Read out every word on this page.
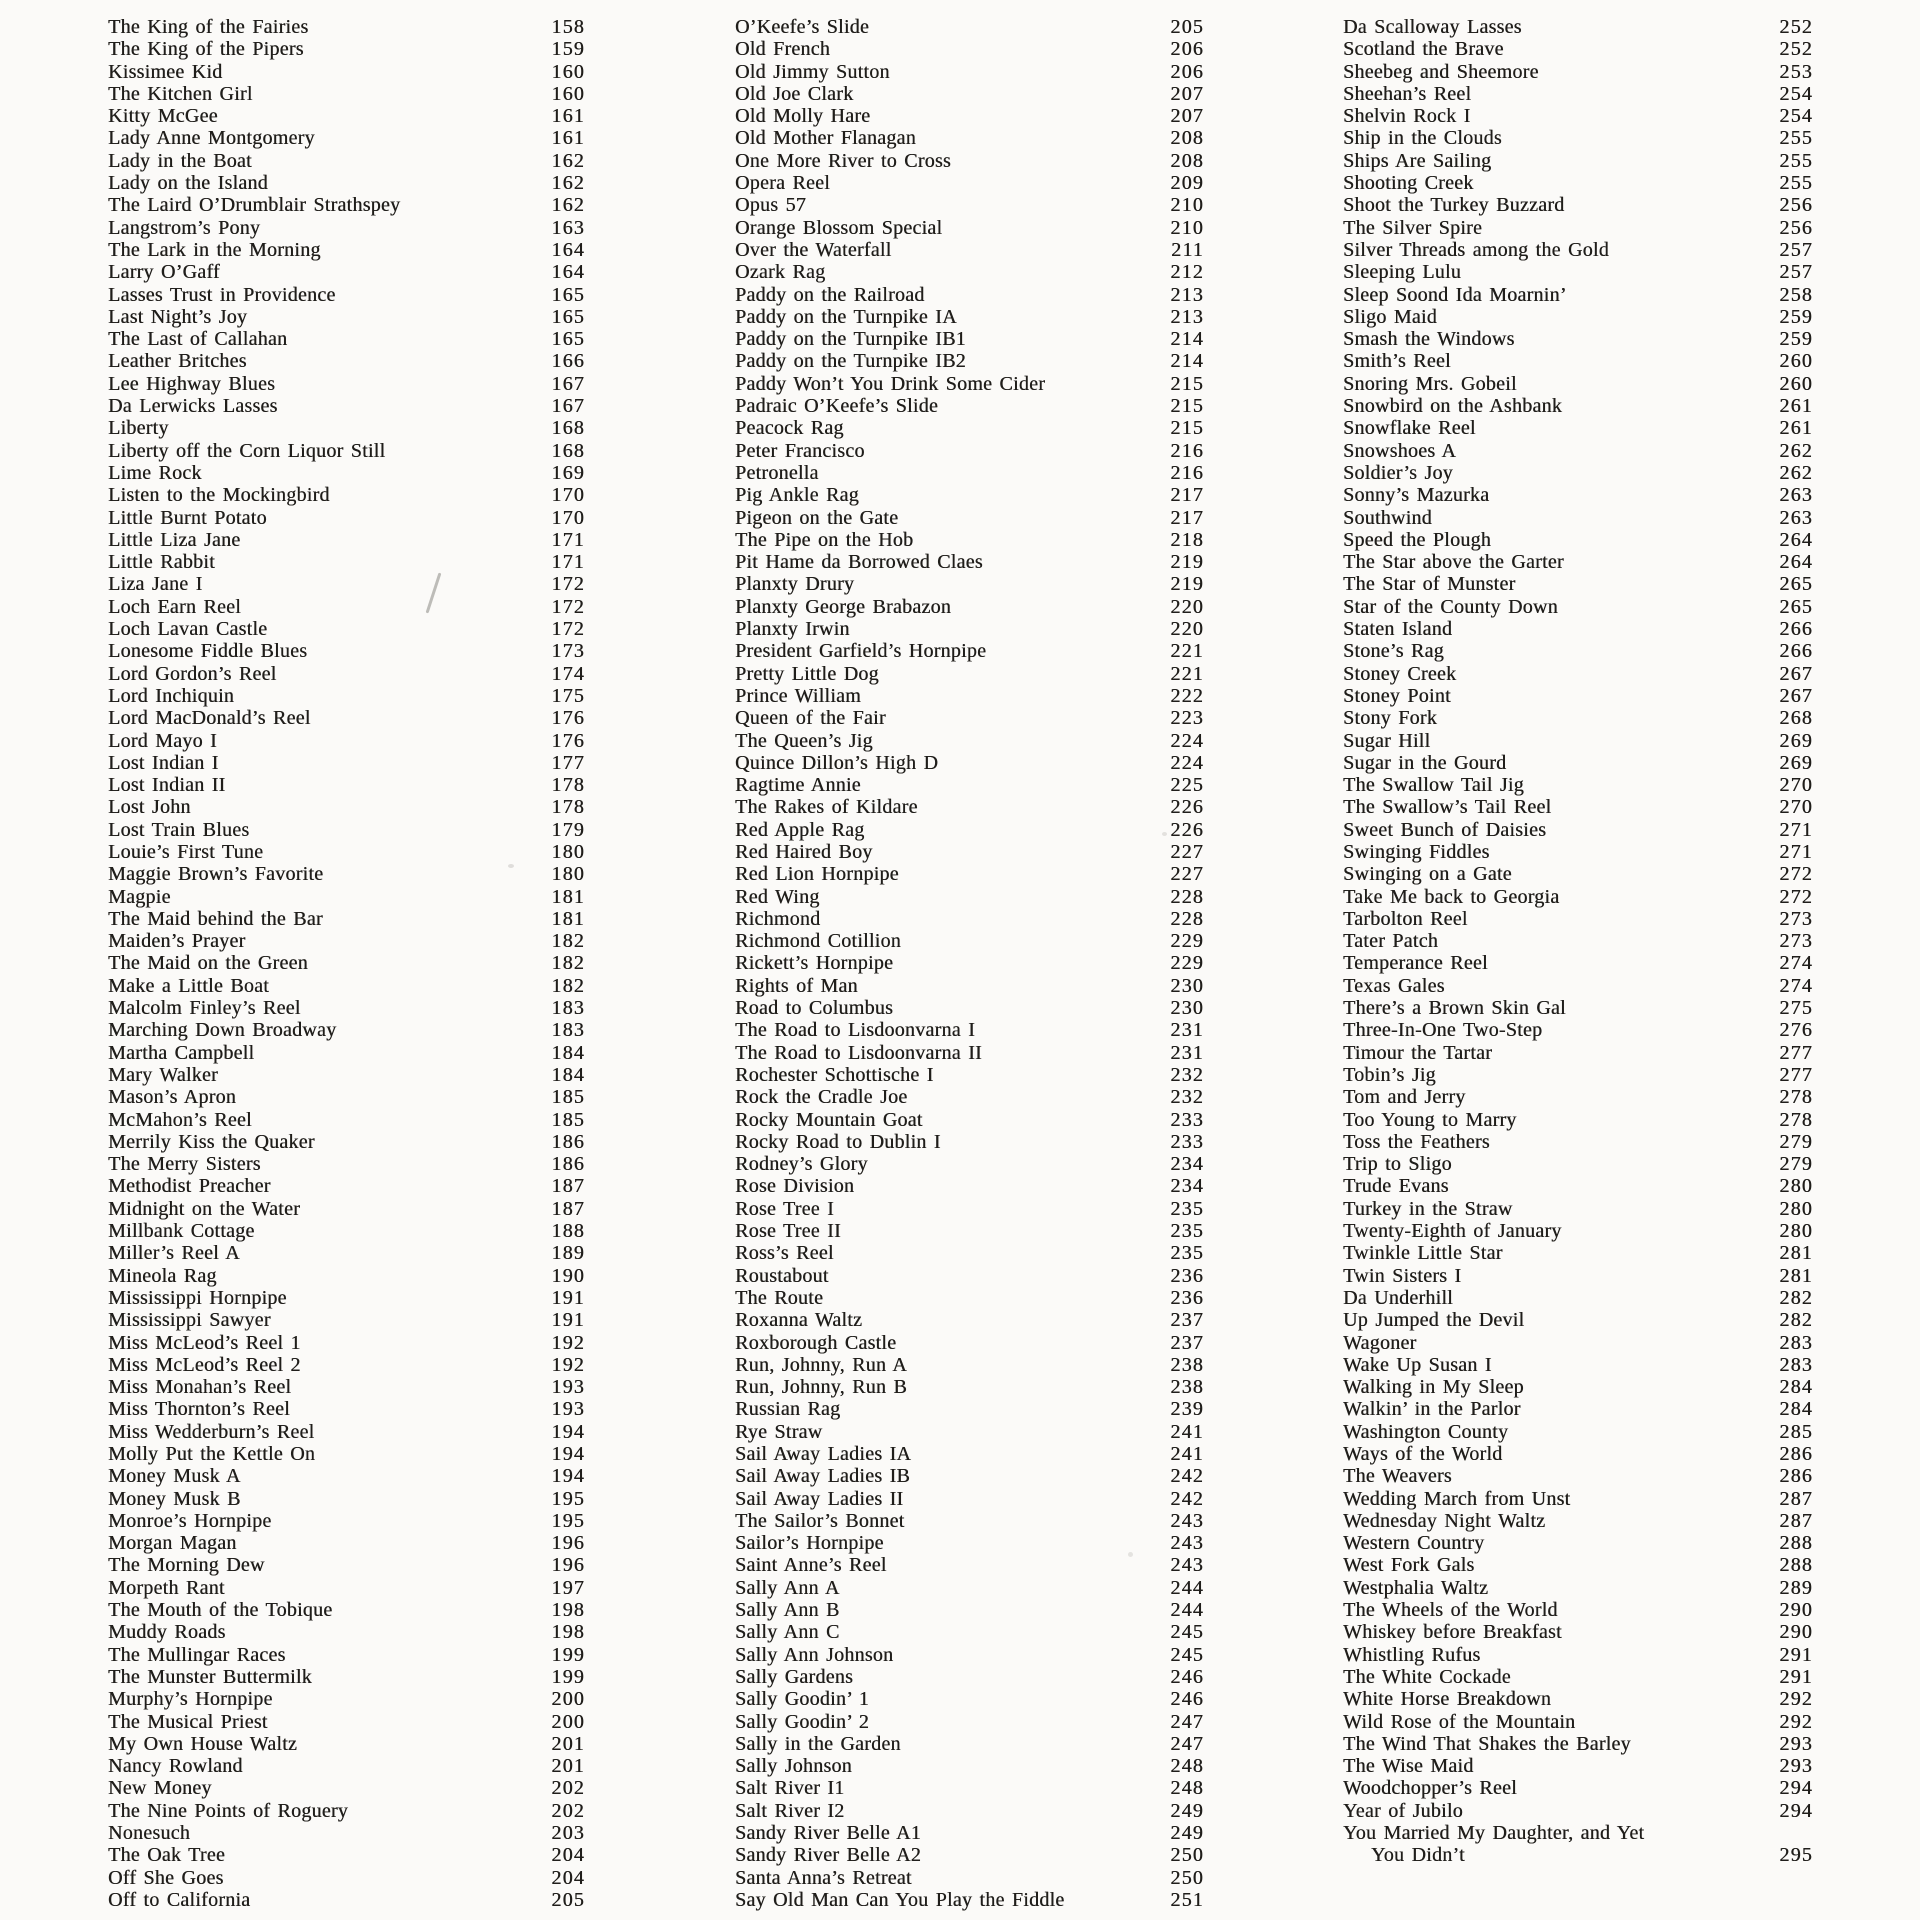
The King of the Fairies	158
The King of the Pipers	159
Kissimee Kid	160
The Kitchen Girl	160
Kitty McGee	161
Lady Anne Montgomery	161
Lady in the Boat	162
Lady on the Island	162
The Laird O’Drumblair Strathspey	162
Langstrom’s Pony	163
The Lark in the Morning	164
Larry O’Gaff	164
Lasses Trust in Providence	165
Last Night’s Joy	165
The Last of Callahan	165
Leather Britches	166
Lee Highway Blues	167
Da Lerwicks Lasses	167
Liberty	168
Liberty off the Corn Liquor Still	168
Lime Rock	169
Listen to the Mockingbird	170
Little Burnt Potato	170
Little Liza Jane	171
Little Rabbit	171
Liza Jane I	172
Loch Earn Reel	172
Loch Lavan Castle	172
Lonesome Fiddle Blues	173
Lord Gordon’s Reel	174
Lord Inchiquin	175
Lord MacDonald’s Reel	176
Lord Mayo I	176
Lost Indian I	177
Lost Indian II	178
Lost John	178
Lost Train Blues	179
Louie’s First Tune	180
Maggie Brown’s Favorite	180
Magpie	181
The Maid behind the Bar	181
Maiden’s Prayer	182
The Maid on the Green	182
Make a Little Boat	182
Malcolm Finley’s Reel	183
Marching Down Broadway	183
Martha Campbell	184
Mary Walker	184
Mason’s Apron	185
McMahon’s Reel	185
Merrily Kiss the Quaker	186
The Merry Sisters	186
Methodist Preacher	187
Midnight on the Water	187
Millbank Cottage	188
Miller’s Reel A	189
Mineola Rag	190
Mississippi Hornpipe	191
Mississippi Sawyer	191
Miss McLeod’s Reel 1	192
Miss McLeod’s Reel 2	192
Miss Monahan’s Reel	193
Miss Thornton’s Reel	193
Miss Wedderburn’s Reel	194
Molly Put the Kettle On	194
Money Musk A	194
Money Musk B	195
Monroe’s Hornpipe	195
Morgan Magan	196
The Morning Dew	196
Morpeth Rant	197
The Mouth of the Tobique	198
Muddy Roads	198
The Mullingar Races	199
The Munster Buttermilk	199
Murphy’s Hornpipe	200
The Musical Priest	200
My Own House Waltz	201
Nancy Rowland	201
New Money	202
The Nine Points of Roguery	202
Nonesuch	203
The Oak Tree	204
Off She Goes	204
Off to California	205
O’Keefe’s Slide	205
Old French	206
Old Jimmy Sutton	206
Old Joe Clark	207
Old Molly Hare	207
Old Mother Flanagan	208
One More River to Cross	208
Opera Reel	209
Opus 57	210
Orange Blossom Special	210
Over the Waterfall	211
Ozark Rag	212
Paddy on the Railroad	213
Paddy on the Turnpike IA	213
Paddy on the Turnpike IB1	214
Paddy on the Turnpike IB2	214
Paddy Won’t You Drink Some Cider	215
Padraic O’Keefe’s Slide	215
Peacock Rag	215
Peter Francisco	216
Petronella	216
Pig Ankle Rag	217
Pigeon on the Gate	217
The Pipe on the Hob	218
Pit Hame da Borrowed Claes	219
Planxty Drury	219
Planxty George Brabazon	220
Planxty Irwin	220
President Garfield’s Hornpipe	221
Pretty Little Dog	221
Prince William	222
Queen of the Fair	223
The Queen’s Jig	224
Quince Dillon’s High D	224
Ragtime Annie	225
The Rakes of Kildare	226
Red Apple Rag	226
Red Haired Boy	227
Red Lion Hornpipe	227
Red Wing	228
Richmond	228
Richmond Cotillion	229
Rickett’s Hornpipe	229
Rights of Man	230
Road to Columbus	230
The Road to Lisdoonvarna I	231
The Road to Lisdoonvarna II	231
Rochester Schottische I	232
Rock the Cradle Joe	232
Rocky Mountain Goat	233
Rocky Road to Dublin I	233
Rodney’s Glory	234
Rose Division	234
Rose Tree I	235
Rose Tree II	235
Ross’s Reel	235
Roustabout	236
The Route	236
Roxanna Waltz	237
Roxborough Castle	237
Run, Johnny, Run A	238
Run, Johnny, Run B	238
Russian Rag	239
Rye Straw	241
Sail Away Ladies IA	241
Sail Away Ladies IB	242
Sail Away Ladies II	242
The Sailor’s Bonnet	243
Sailor’s Hornpipe	243
Saint Anne’s Reel	243
Sally Ann A	244
Sally Ann B	244
Sally Ann C	245
Sally Ann Johnson	245
Sally Gardens	246
Sally Goodin’ 1	246
Sally Goodin’ 2	247
Sally in the Garden	247
Sally Johnson	248
Salt River I1	248
Salt River I2	249
Sandy River Belle A1	249
Sandy River Belle A2	250
Santa Anna’s Retreat	250
Say Old Man Can You Play the Fiddle	251
Da Scalloway Lasses	252
Scotland the Brave	252
Sheebeg and Sheemore	253
Sheehan’s Reel	254
Shelvin Rock I	254
Ship in the Clouds	255
Ships Are Sailing	255
Shooting Creek	255
Shoot the Turkey Buzzard	256
The Silver Spire	256
Silver Threads among the Gold	257
Sleeping Lulu	257
Sleep Soond Ida Moarnin’	258
Sligo Maid	259
Smash the Windows	259
Smith’s Reel	260
Snoring Mrs. Gobeil	260
Snowbird on the Ashbank	261
Snowflake Reel	261
Snowshoes A	262
Soldier’s Joy	262
Sonny’s Mazurka	263
Southwind	263
Speed the Plough	264
The Star above the Garter	264
The Star of Munster	265
Star of the County Down	265
Staten Island	266
Stone’s Rag	266
Stoney Creek	267
Stoney Point	267
Stony Fork	268
Sugar Hill	269
Sugar in the Gourd	269
The Swallow Tail Jig	270
The Swallow’s Tail Reel	270
Sweet Bunch of Daisies	271
Swinging Fiddles	271
Swinging on a Gate	272
Take Me back to Georgia	272
Tarbolton Reel	273
Tater Patch	273
Temperance Reel	274
Texas Gales	274
There’s a Brown Skin Gal	275
Three-In-One Two-Step	276
Timour the Tartar	277
Tobin’s Jig	277
Tom and Jerry	278
Too Young to Marry	278
Toss the Feathers	279
Trip to Sligo	279
Trude Evans	280
Turkey in the Straw	280
Twenty-Eighth of January	280
Twinkle Little Star	281
Twin Sisters I	281
Da Underhill	282
Up Jumped the Devil	282
Wagoner	283
Wake Up Susan I	283
Walking in My Sleep	284
Walkin’ in the Parlor	284
Washington County	285
Ways of the World	286
The Weavers	286
Wedding March from Unst	287
Wednesday Night Waltz	287
Western Country	288
West Fork Gals	288
Westphalia Waltz	289
The Wheels of the World	290
Whiskey before Breakfast	290
Whistling Rufus	291
The White Cockade	291
White Horse Breakdown	292
Wild Rose of the Mountain	292
The Wind That Shakes the Barley	293
The Wise Maid	293
Woodchopper’s Reel	294
Year of Jubilo	294
You Married My Daughter, and Yet
You Didn’t	295
